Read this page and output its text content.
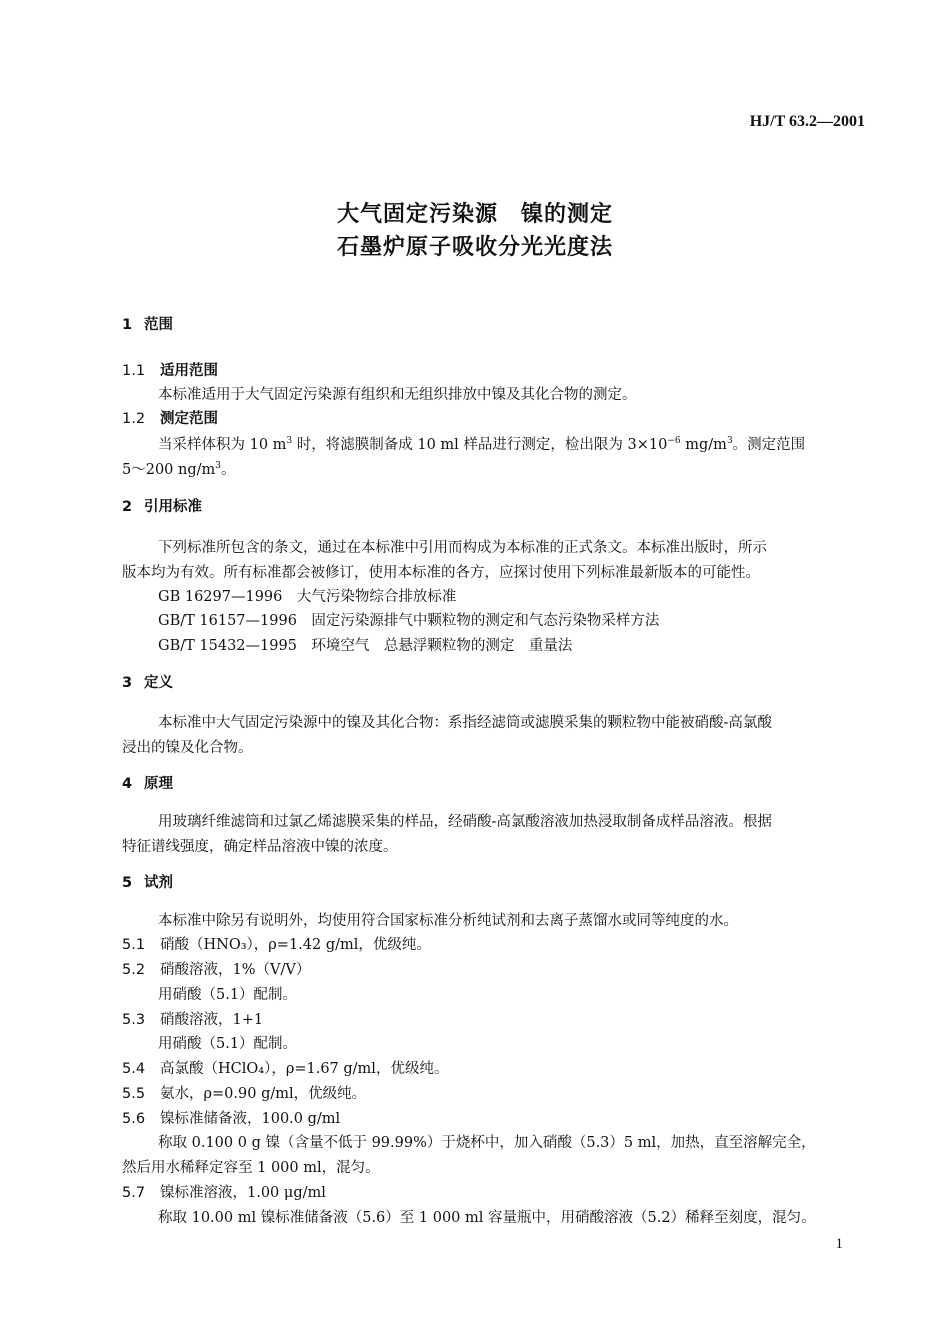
HJ/T 63.2—2001
大气固定污染源　镍的测定
石墨炉原子吸收分光光度法
1 范围
1.1 适用范围
本标准适用于大气固定污染源有组织和无组织排放中镍及其化合物的测定。
1.2 测定范围
当采样体积为 10 $m^3$ 时，将滤膜制备成 10 ml 样品进行测定，检出限为 $3\times 10^{-6}$ $mg/m^3$。测定范围
5～200 $ng/m^3$。
2 引用标准
下列标准所包含的条文，通过在本标准中引用而构成为本标准的正式条文。本标准出版时，所示
版本均为有效。所有标准都会被修订，使用本标准的各方，应探讨使用下列标准最新版本的可能性。
GB 16297—1996　大气污染物综合排放标准
GB/T 16157—1996　固定污染源排气中颗粒物的测定和气态污染物采样方法
GB/T 15432—1995　环境空气　总悬浮颗粒物的测定　重量法
3 定义
本标准中大气固定污染源中的镍及其化合物：系指经滤筒或滤膜采集的颗粒物中能被硝酸-高氯酸
浸出的镍及化合物。
4 原理
用玻璃纤维滤筒和过氯乙烯滤膜采集的样品，经硝酸-高氯酸溶液加热浸取制备成样品溶液。根据
特征谱线强度，确定样品溶液中镍的浓度。
5 试剂
本标准中除另有说明外，均使用符合国家标准分析纯试剂和去离子蒸馏水或同等纯度的水。
5.1 硝酸（HNO₃），ρ=1.42 g/ml，优级纯。
5.2 硝酸溶液，1%（V/V）
用硝酸（5.1）配制。
5.3 硝酸溶液，1+1
用硝酸（5.1）配制。
5.4 高氯酸（HClO₄），ρ=1.67 g/ml，优级纯。
5.5 氨水，ρ=0.90 g/ml，优级纯。
5.6 镍标准储备液，100.0 g/ml
称取 0.100 0 g 镍（含量不低于 99.99%）于烧杯中，加入硝酸（5.3）5 ml，加热，直至溶解完全，
然后用水稀释定容至 1 000 ml，混匀。
5.7 镍标准溶液，1.00 μg/ml
称取 10.00 ml 镍标准储备液（5.6）至 1 000 ml 容量瓶中，用硝酸溶液（5.2）稀释至刻度，混匀。
1
